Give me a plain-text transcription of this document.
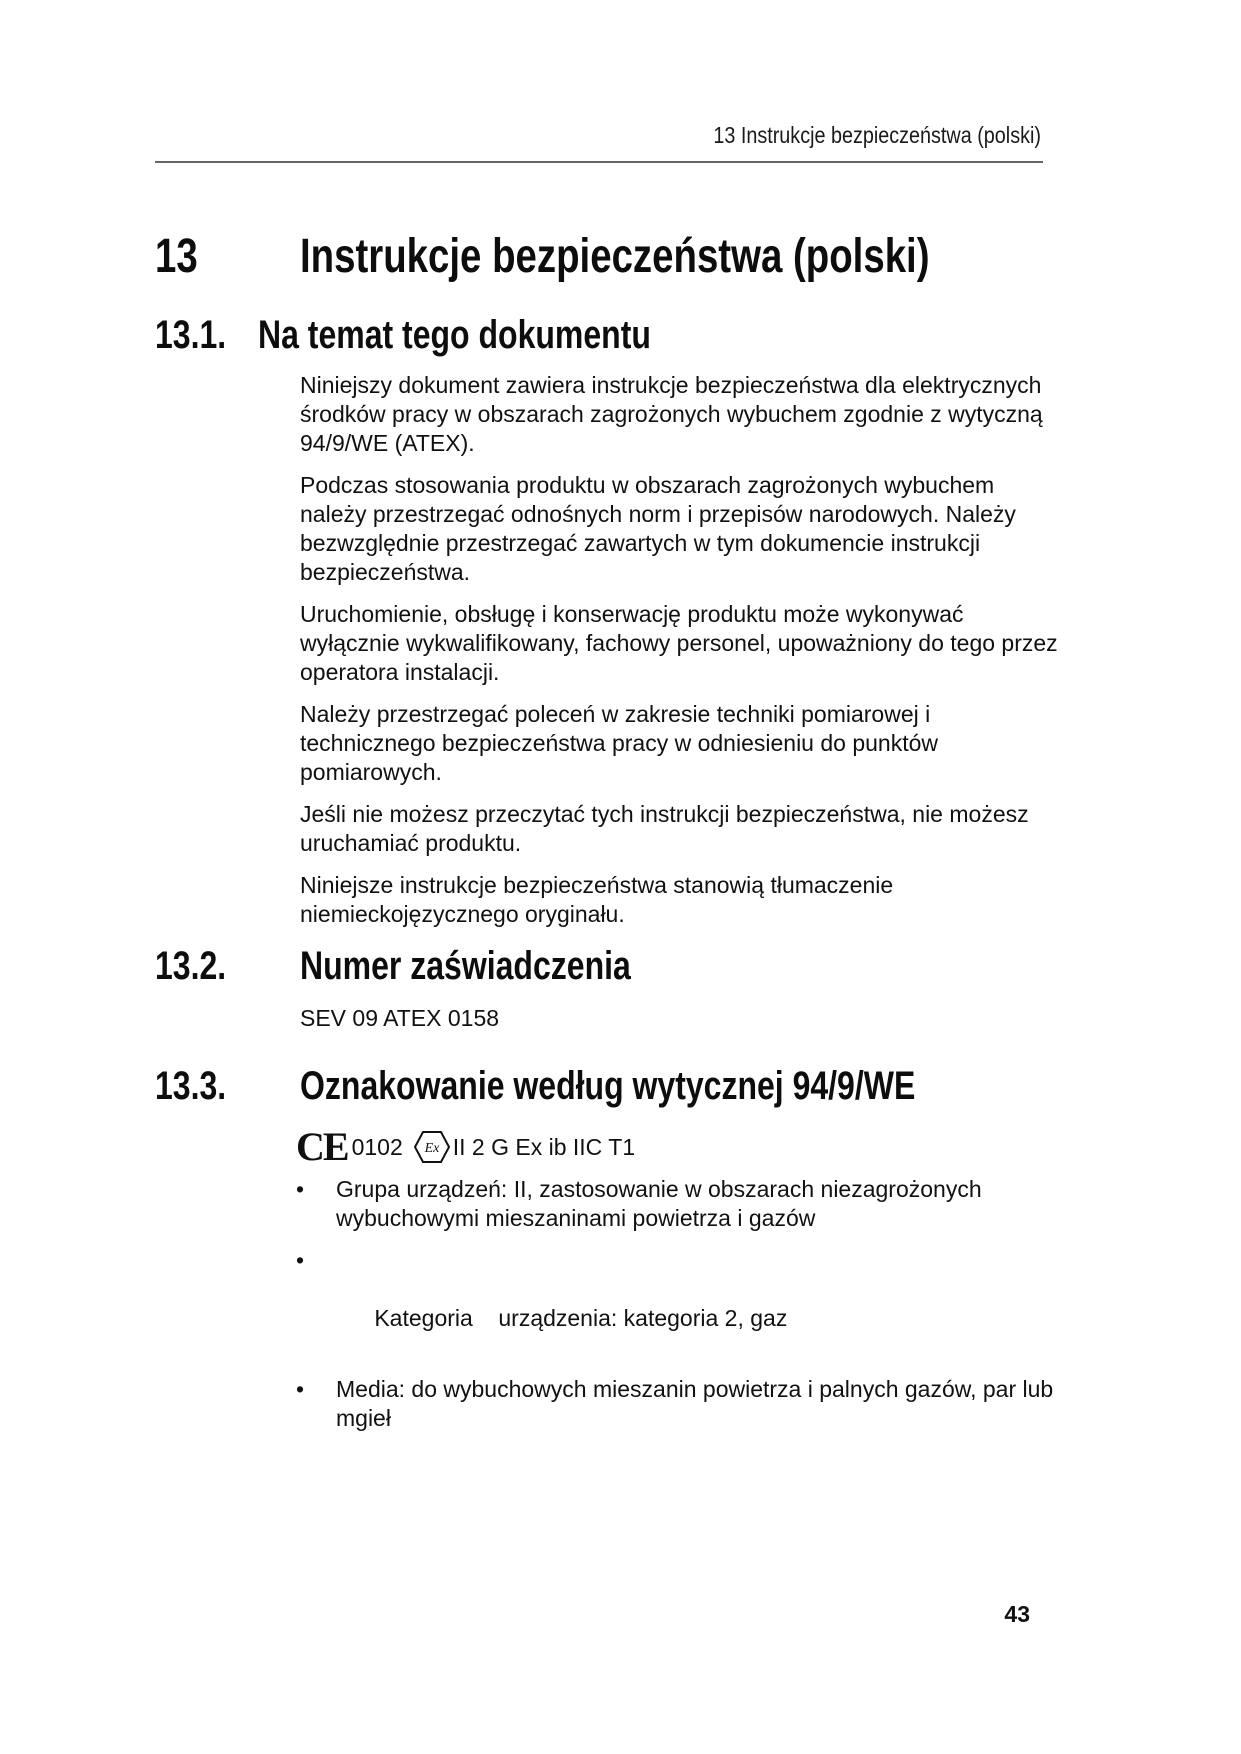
13 Instrukcje bezpieczeństwa (polski)
13 Instrukcje bezpieczeństwa (polski)
13.1. Na temat tego dokumentu

Niniejszy dokument zawiera instrukcje bezpieczeństwa dla elektrycznych środków pracy w obszarach zagrożonych wybuchem zgodnie z wytyczną 94/9/WE (ATEX).

Podczas stosowania produktu w obszarach zagrożonych wybuchem należy przestrzegać odnośnych norm i przepisów narodowych. Należy bezwzględnie przestrzegać zawartych w tym dokumencie instrukcji bezpieczeństwa.

Uruchomienie, obsługę i konserwację produktu może wykonywać wyłącznie wykwalifikowany, fachowy personel, upoważniony do tego przez operatora instalacji.

Należy przestrzegać poleceń w zakresie techniki pomiarowej i technicznego bezpieczeństwa pracy w odniesieniu do punktów pomiarowych.

Jeśli nie możesz przeczytać tych instrukcji bezpieczeństwa, nie możesz uruchamiać produktu.

Niniejsze instrukcje bezpieczeństwa stanowią tłumaczenie niemieckojęzycznego oryginału.

13.2. Numer zaświadczenia

SEV 09 ATEX 0158

13.3. Oznakowanie według wytycznej 94/9/WE
CE 0102 Ex II 2 G Ex ib IIC T1
• Grupa urządzeń: II, zastosowanie w obszarach niezagrożonych wybuchowymi mieszaninami powietrza i gazów

•

Kategoria    urządzenia: kategoria 2, gaz

• Media: do wybuchowych mieszanin powietrza i palnych gazów, par lub mgieł
43
